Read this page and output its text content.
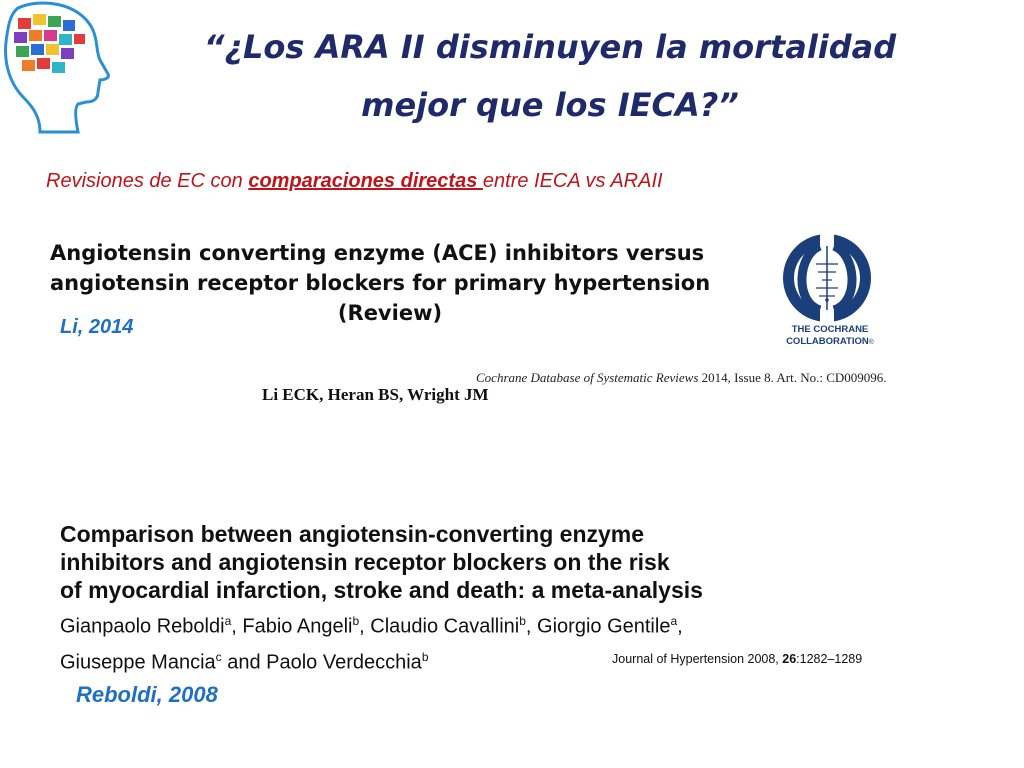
“¿Los ARA II disminuyen la mortalidad
mejor que los IECA?”
Revisiones de EC con comparaciones directas entre IECA vs ARAII
Angiotensin converting enzyme (ACE) inhibitors versus
angiotensin receptor blockers for primary hypertension
(Review)
Li, 2014	THE COCHRANE
COLLABORATION®
Cochrane Database of Systematic Reviews 2014, Issue 8. Art. No.: CD009096.
Li ECK, Heran BS, Wright JM
Comparison between angiotensin-converting enzyme
inhibitors and angiotensin receptor blockers on the risk
of myocardial infarction, stroke and death: a meta-analysis
Gianpaolo Reboldi$^a$, Fabio Angeli$^b$, Claudio Cavallini$^b$, Giorgio Gentile$^a$,
Giuseppe Mancia$^c$ and Paolo Verdecchia$^b$	Journal of Hypertension 2008, 26:1282–1289
Reboldi, 2008
